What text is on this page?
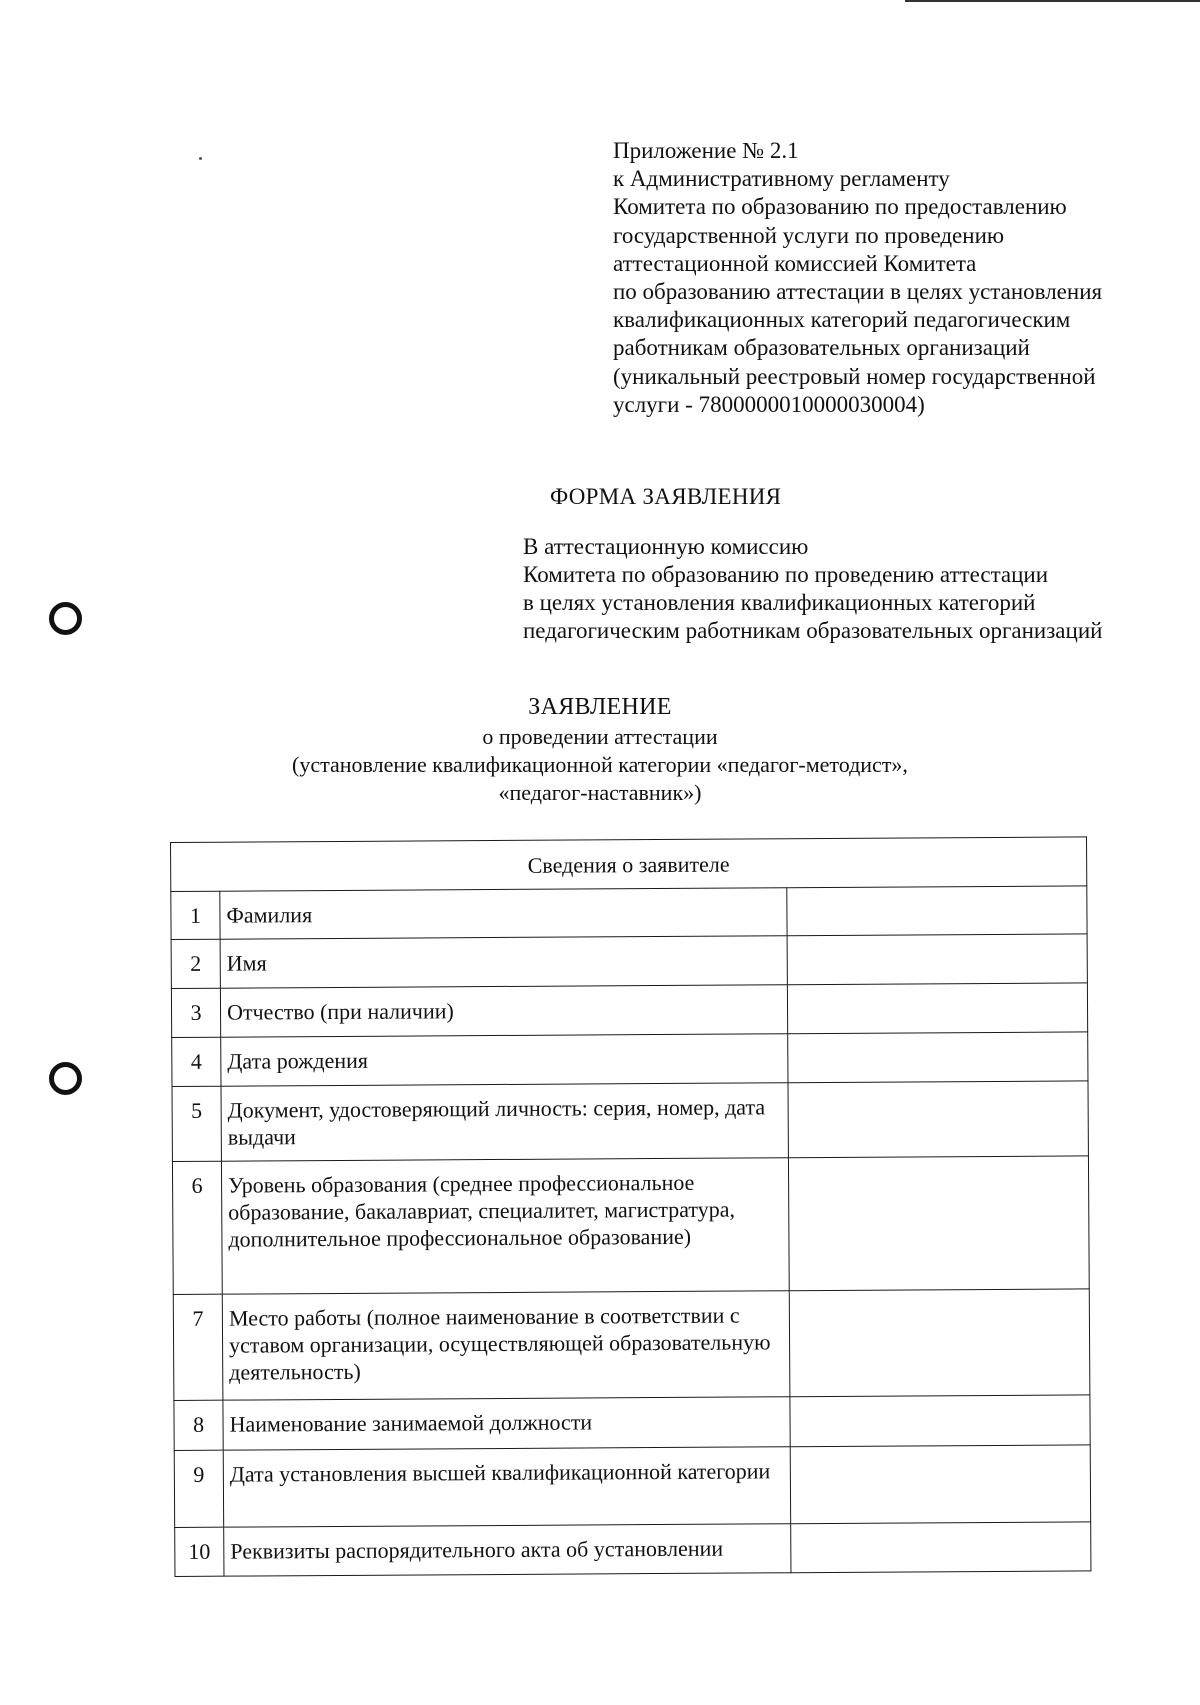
Приложение № 2.1
к Административному регламенту
Комитета по образованию по предоставлению
государственной услуги по проведению
аттестационной комиссией Комитета
по образованию аттестации в целях установления
квалификационных категорий педагогическим
работникам образовательных организаций
(уникальный реестровый номер государственной
услуги - 7800000010000030004)
ФОРМА ЗАЯВЛЕНИЯ
В аттестационную комиссию
Комитета по образованию по проведению аттестации
в целях установления квалификационных категорий
педагогическим работникам образовательных организаций
ЗАЯВЛЕНИЕ
о проведении аттестации
(установление квалификационной категории «педагог-методист»,
«педагог-наставник»)
Сведения о заявителе		
1	Фамилия	
2	Имя	
3	Отчество (при наличии)	
4	Дата рождения	
5	Документ, удостоверяющий личность: серия, номер, дата выдачи	
6	Уровень образования (среднее профессиональное образование, бакалавриат, специалитет, магистратура, дополнительное профессиональное образование)	
7	Место работы (полное наименование в соответствии с уставом организации, осуществляющей образовательную деятельность)	
8	Наименование занимаемой должности	
9	Дата установления высшей квалификационной категории	
10	Реквизиты распорядительного акта об установлении	
